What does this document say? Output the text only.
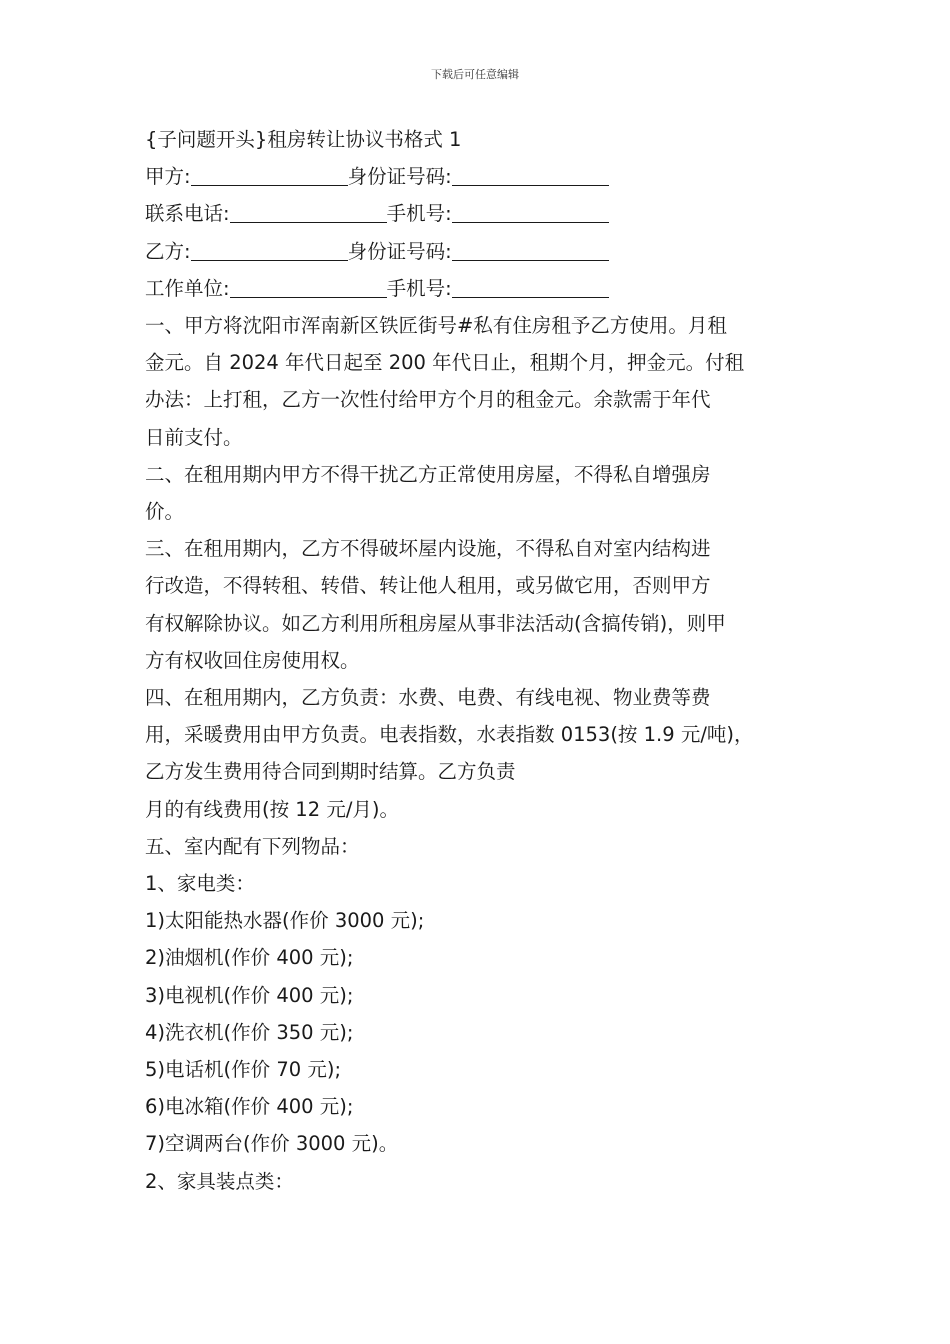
下载后可任意编辑
{子问题开头}租房转让协议书格式 1
甲方:	身份证号码:
联系电话:	手机号:
乙方:	身份证号码:
工作单位:	手机号:
一、甲方将沈阳市浑南新区铁匠街号#私有住房租予乙方使用。月租
金元。自 2024 年代日起至 200 年代日止，租期个月，押金元。付租
办法：上打租，乙方一次性付给甲方个月的租金元。余款需于年代
日前支付。
二、在租用期内甲方不得干扰乙方正常使用房屋，不得私自增强房
价。
三、在租用期内，乙方不得破坏屋内设施，不得私自对室内结构进
行改造，不得转租、转借、转让他人租用，或另做它用，否则甲方
有权解除协议。如乙方利用所租房屋从事非法活动(含搞传销)，则甲
方有权收回住房使用权。
四、在租用期内，乙方负责：水费、电费、有线电视、物业费等费
用，采暖费用由甲方负责。电表指数，水表指数 0153(按 1.9 元/吨)，
乙方发生费用待合同到期时结算。乙方负责
月的有线费用(按 12 元/月)。
五、室内配有下列物品：
1、家电类：
1)太阳能热水器(作价 3000 元);
2)油烟机(作价 400 元);
3)电视机(作价 400 元);
4)洗衣机(作价 350 元);
5)电话机(作价 70 元);
6)电冰箱(作价 400 元);
7)空调两台(作价 3000 元)。
2、家具装点类：
